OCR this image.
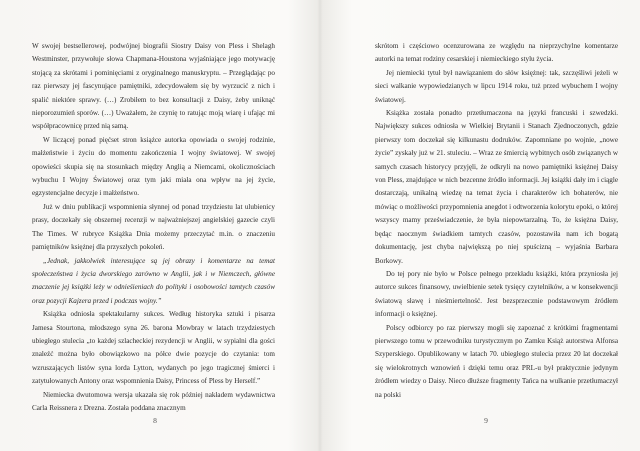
W swojej bestsellerowej, podwójnej biografii Siostry Daisy von Pless i Shelagh Westminster, przywołuje słowa Chapmana-Houstona wyjaśniające jego motywację stojącą za skrótami i pominięciami z oryginalnego manuskryptu. – Przeglądając po raz pierwszy jej fascynujące pamiętniki, zdecydowałem się by wyrzucić z nich i spalić niektóre sprawy. (…) Zrobiłem to bez konsultacji z Daisy, żeby uniknąć nieporozumień sporów. (…) Uważałem, że czynię to ratując moją wiarę i ufając mi współpracownicę przed nią samą.

W liczącej ponad pięćset stron książce autorka opowiada o swojej rodzinie, małżeństwie i życiu do momentu zakończenia I wojny światowej. W swojej opowieści skupia się na stosunkach między Anglią a Niemcami, okolicznościach wybuchu I Wojny Światowej oraz tym jaki miała ona wpływ na jej życie, egzystencjalne decyzje i małżeństwo.

Już w dniu publikacji wspomnienia słynnej od ponad trzydziestu lat ulubienicy prasy, doczekały się obszernej recenzji w najważniejszej angielskiej gazecie czyli The Times. W rubryce Książka Dnia możemy przeczytać m.in. o znaczeniu pamiętników księżnej dla przyszłych pokoleń.

„Jednak, jakkolwiek interesujące są jej obrazy i komentarze na temat społeczeństwa i życia dworskiego zarówno w Anglii, jak i w Niemczech, główne znaczenie jej książki leży w odnieśieniach do polityki i osobowości tamtych czasów oraz pozycji Kajzera przed i podczas wojny.”

Książka odniosła spektakularny sukces. Według historyka sztuki i pisarza Jamesa Stourtona, młodszego syna 26. barona Mowbray w latach trzydziestych ubiegłego stulecia „to każdej szlacheckiej rezydencji w Anglii, w sypialni dla gości znaleźć można było obowiązkowo na półce dwie pozycje do czytania: tom wzruszających listów syna lorda Lytton, wydanych po jego tragicznej śmierci i zatytułowanych Antony oraz wspomnienia Daisy, Princess of Pless by Herself.”

Niemiecka dwutomowa wersja ukazała się rok później nakładem wydawnictwa Carla Reissnera z Drezna. Została poddana znacznym

8

skrótom i częściowo ocenzurowana ze względu na nieprzychylne komentarze autorki na temat rodziny cesarskiej i niemieckiego stylu życia.

Jej niemiecki tytuł był nawiązaniem do słów księżnej: tak, szczęśliwi jeżeli w sieci walkanie wypowiedzianych w lipcu 1914 roku, tuż przed wybuchem I wojny światowej.

Książka została ponadto przetłumaczona na języki francuski i szwedzki. Największy sukces odniosła w Wielkiej Brytanii i Stanach Zjednoczonych, gdzie pierwszy tom doczekał się kilkunastu dodruków. Zapomniane po wojnie, „nowe życie” zyskały już w 21. stuleciu. – Wraz ze śmiercią wybitnych osób związanych w samych czasach historycy przyjęli, że odkryli na nowo pamiętniki księżnej Daisy von Pless, znajdujące w nich bezcenne źródło informacji. Jej książki dały im i ciągle dostarczają, unikalną wiedzę na temat życia i charakterów ich bohaterów, nie mówiąc o możliwości przypomnienia anegdot i odtworzenia kolorytu epoki, o której wszyscy mamy przeświadczenie, że była niepowtarzalną. To, że księżna Daisy, będąc naocznym świadkiem tamtych czasów, pozostawiła nam ich bogatą dokumentację, jest chyba największą po niej spuścizną – wyjaśnia Barbara Borkowy.

Do tej pory nie było w Polsce pełnego przekładu książki, która przyniosła jej autorce sukces finansowy, uwielbienie setek tysięcy czytelników, a w konsekwencji światową sławę i nieśmiertelność. Jest bezsprzecznie podstawowym źródłem informacji o księżnej.

Polscy odbiorcy po raz pierwszy mogli się zapoznać z krótkimi fragmentami pierwszego tomu w przewodniku turystycznym po Zamku Książ autorstwa Alfonsa Szyperskiego. Opublikowany w latach 70. ubiegłego stulecia przez 20 lat doczekał się wielokrotnych wznowień i dzięki temu oraz PRL-u był praktycznie jedynym źródłem wiedzy o Daisy. Nieco dłuższe fragmenty Tańca na wulkanie przetłumaczył na polski

9
